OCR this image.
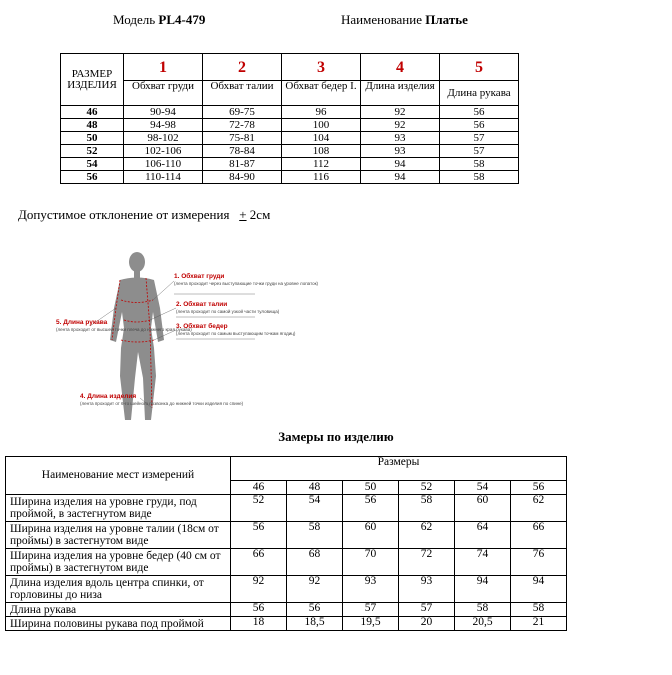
Модель PL4-479	Наименование Платье
РАЗМЕР ИЗДЕЛИЯ	1	2	3	4	5
	Обхват груди	Обхват талии	Обхват бедер I.	Длина изделия	Длина рукава
46	90-94	69-75	96	92	56
48	94-98	72-78	100	92	56
50	98-102	75-81	104	93	57
52	102-106	78-84	108	93	57
54	106-110	81-87	112	94	58
56	110-114	84-90	116	94	58
Допустимое отклонение от измерения + 2см
1. Обхват груди
(лента проходит через выступающие точки груди на уровне лопаток)
2. Обхват талии
(лента проходит по самой узкой части туловища)
3. Обхват бедер
(лента проходит по самым выступающим точкам ягодиц)
5. Длина рукава
(лента проходит от высшей точки плеча до нижнего края рукава)
4. Длина изделия
(лента проходит от 6-го шейного позвонка до нижней точки изделия по спине)
Замеры по изделию
Наименование мест измерений	Размеры					
	46	48	50	52	54	56
Ширина изделия на уровне груди, под проймой, в застегнутом виде	52	54	56	58	60	62
Ширина изделия на уровне талии (18см от проймы) в застегнутом виде	56	58	60	62	64	66
Ширина изделия на уровне бедер (40 см от проймы) в застегнутом виде	66	68	70	72	74	76
Длина изделия вдоль центра спинки, от горловины до низа	92	92	93	93	94	94
Длина рукава	56	56	57	57	58	58
Ширина половины рукава под проймой	18	18,5	19,5	20	20,5	21
